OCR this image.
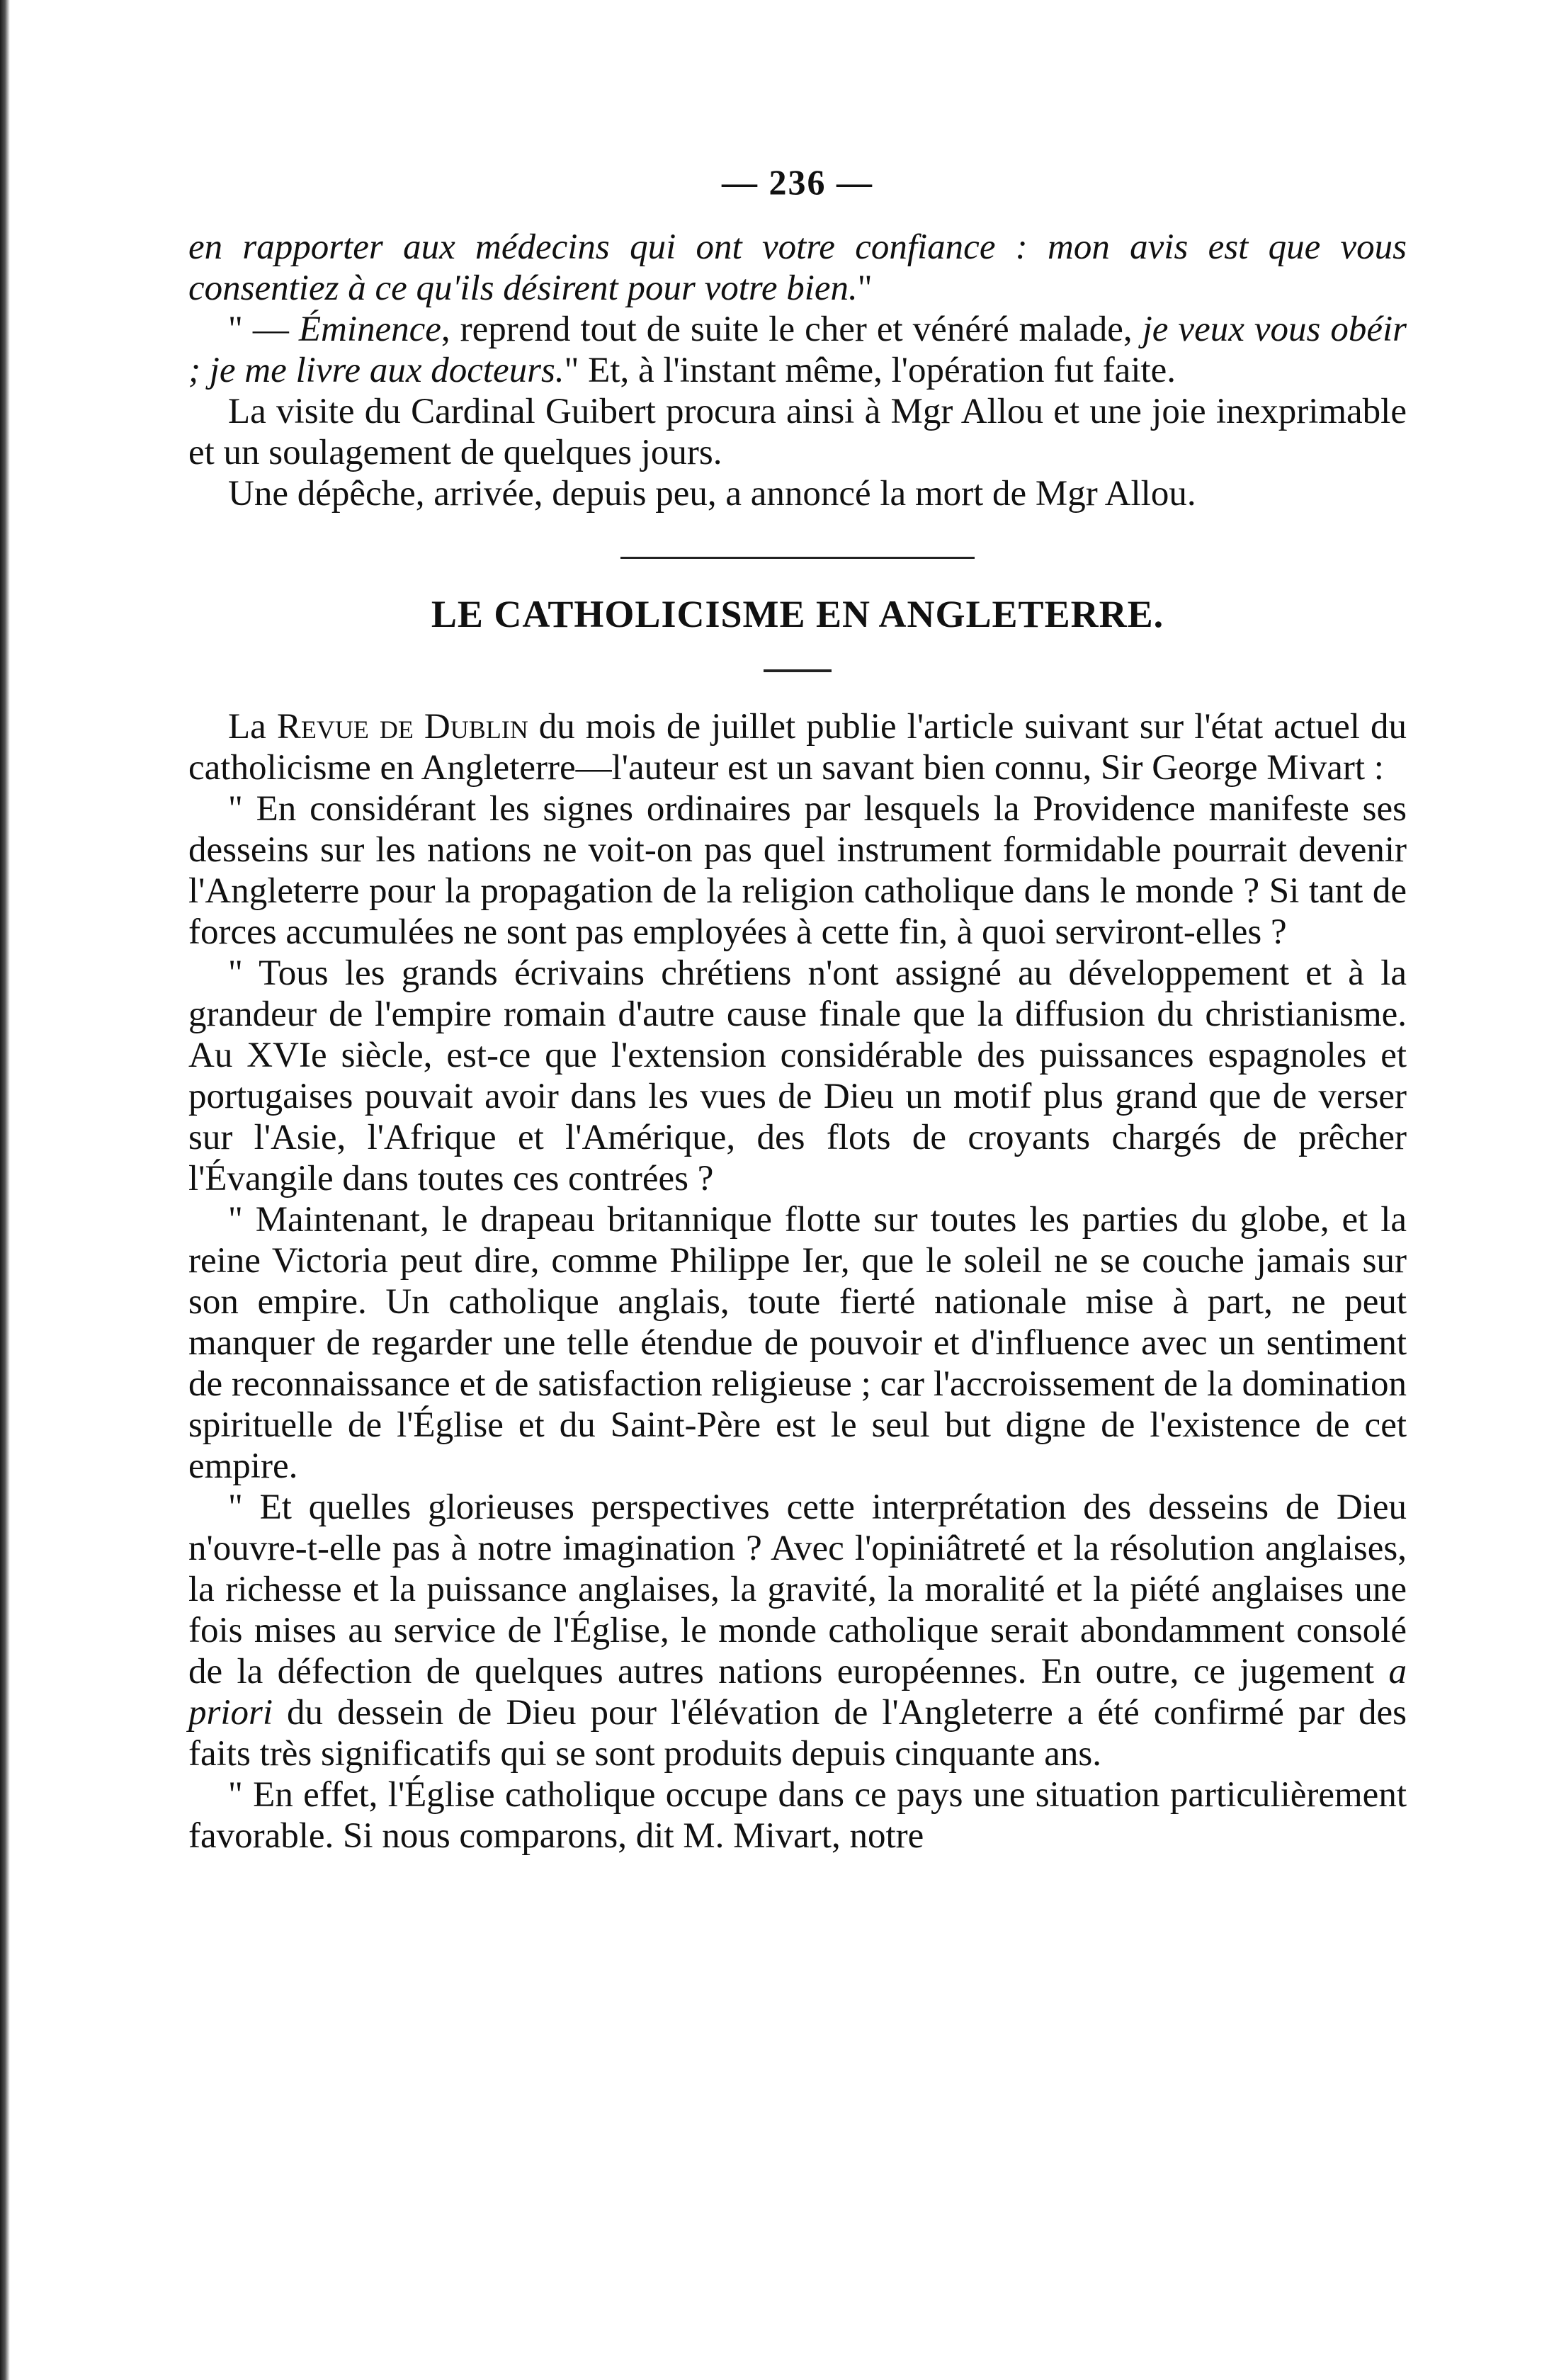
— 236 —

en rapporter aux médecins qui ont votre confiance : mon avis est que vous consentiez à ce qu'ils désirent pour votre bien."

" — Éminence, reprend tout de suite le cher et vénéré malade, je veux vous obéir ; je me livre aux docteurs." Et, à l'instant même, l'opération fut faite.

La visite du Cardinal Guibert procura ainsi à Mgr Allou et une joie inexprimable et un soulagement de quelques jours.

Une dépêche, arrivée, depuis peu, a annoncé la mort de Mgr Allou.

LE CATHOLICISME EN ANGLETERRE.

La Revue de Dublin du mois de juillet publie l'article suivant sur l'état actuel du catholicisme en Angleterre—l'auteur est un savant bien connu, Sir George Mivart :

" En considérant les signes ordinaires par lesquels la Providence manifeste ses desseins sur les nations ne voit-on pas quel instrument formidable pourrait devenir l'Angleterre pour la propagation de la religion catholique dans le monde ? Si tant de forces accumulées ne sont pas employées à cette fin, à quoi serviront-elles ?

" Tous les grands écrivains chrétiens n'ont assigné au développement et à la grandeur de l'empire romain d'autre cause finale que la diffusion du christianisme. Au XVIe siècle, est-ce que l'extension considérable des puissances espagnoles et portugaises pouvait avoir dans les vues de Dieu un motif plus grand que de verser sur l'Asie, l'Afrique et l'Amérique, des flots de croyants chargés de prêcher l'Évangile dans toutes ces contrées ?

" Maintenant, le drapeau britannique flotte sur toutes les parties du globe, et la reine Victoria peut dire, comme Philippe Ier, que le soleil ne se couche jamais sur son empire. Un catholique anglais, toute fierté nationale mise à part, ne peut manquer de regarder une telle étendue de pouvoir et d'influence avec un sentiment de reconnaissance et de satisfaction religieuse ; car l'accroissement de la domination spirituelle de l'Église et du Saint-Père est le seul but digne de l'existence de cet empire.

" Et quelles glorieuses perspectives cette interprétation des desseins de Dieu n'ouvre-t-elle pas à notre imagination ? Avec l'opiniâtreté et la résolution anglaises, la richesse et la puissance anglaises, la gravité, la moralité et la piété anglaises une fois mises au service de l'Église, le monde catholique serait abondamment consolé de la défection de quelques autres nations européennes. En outre, ce jugement a priori du dessein de Dieu pour l'élévation de l'Angleterre a été confirmé par des faits très significatifs qui se sont produits depuis cinquante ans.

" En effet, l'Église catholique occupe dans ce pays une situation particulièrement favorable. Si nous comparons, dit M. Mivart, notre
